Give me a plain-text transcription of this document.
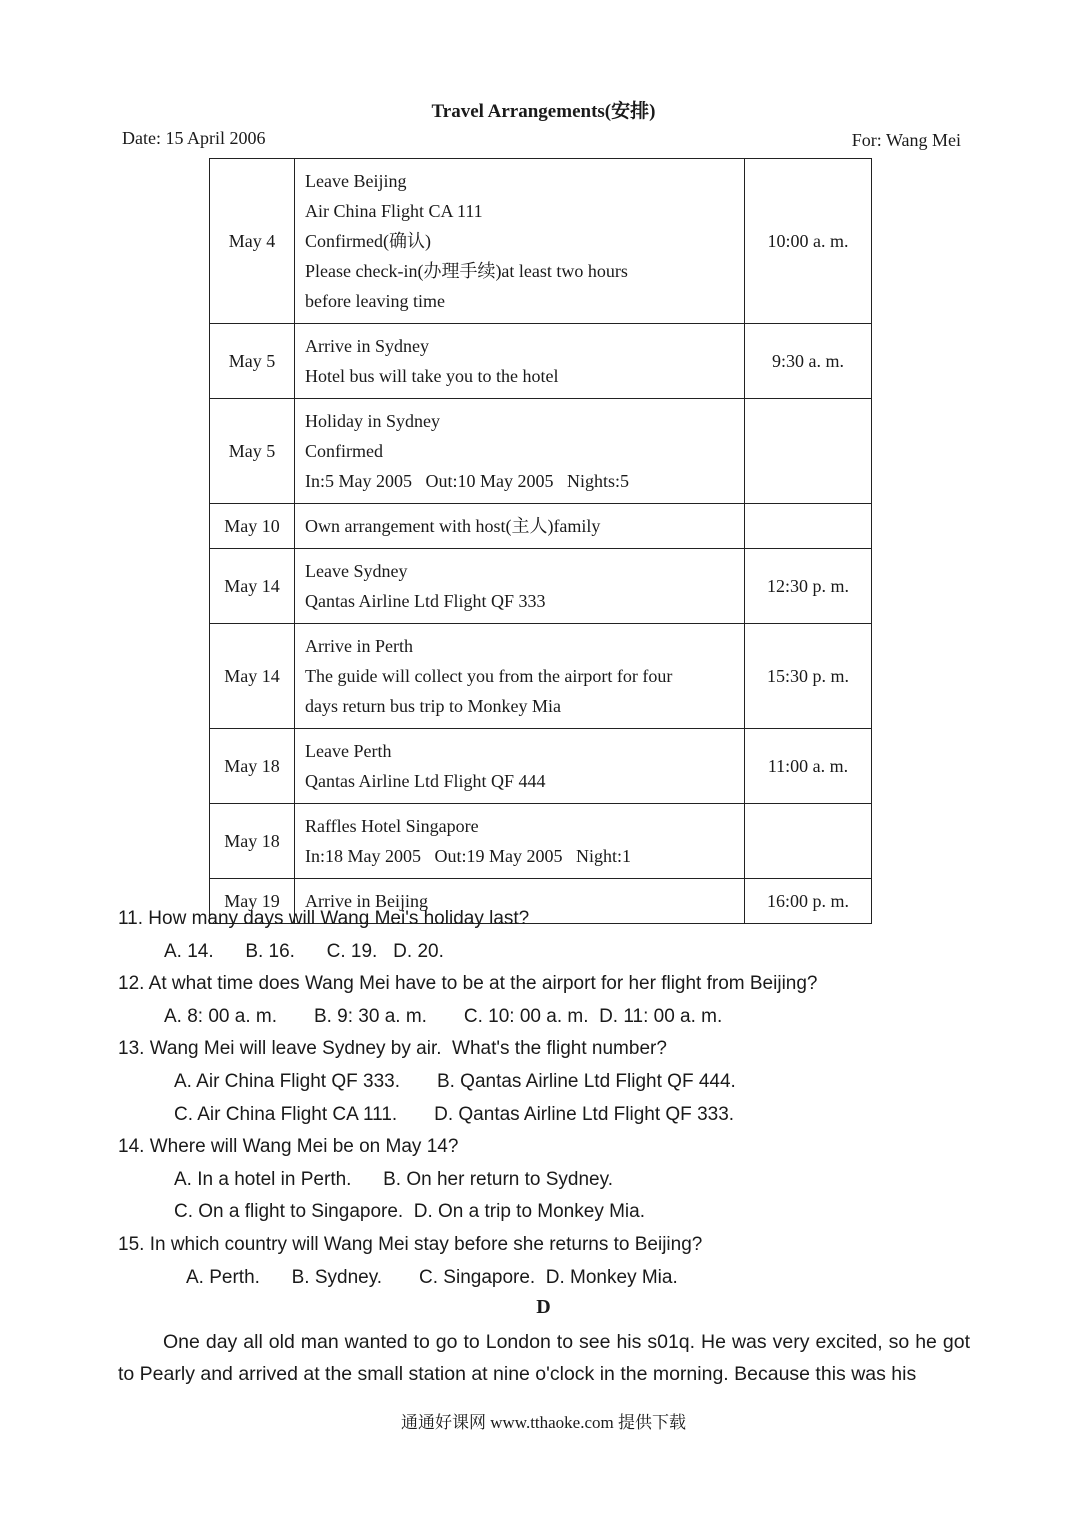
Travel Arrangements(安排)
Date: 15 April 2006	For: Wang Mei
May 4	Leave Beijing
Air China Flight CA 111
Confirmed(确认)
Please check-in(办理手续)at least two hours
before leaving time	10:00 a. m.
May 5	Arrive in Sydney
Hotel bus will take you to the hotel	9:30 a. m.
May 5	Holiday in Sydney
Confirmed
In:5 May 2005   Out:10 May 2005   Nights:5	

May 10	Own arrangement with host(主人)family	

May 14	Leave Sydney
Qantas Airline Ltd Flight QF 333	12:30 p. m.
May 14	Arrive in Perth
The guide will collect you from the airport for four
days return bus trip to Monkey Mia	15:30 p. m.
May 18	Leave Perth
Qantas Airline Ltd Flight QF 444	11:00 a. m.
May 18	Raffles Hotel Singapore
In:18 May 2005   Out:19 May 2005   Night:1	

May 19	Arrive in Beijing	16:00 p. m.
11. How many days will Wang Mei's holiday last?
A. 14.      B. 16.      C. 19.   D. 20.
12. At what time does Wang Mei have to be at the airport for her flight from Beijing?
A. 8: 00 a. m.       B. 9: 30 a. m.       C. 10: 00 a. m.  D. 11: 00 a. m.
13. Wang Mei will leave Sydney by air.  What's the flight number?
A. Air China Flight QF 333.       B. Qantas Airline Ltd Flight QF 444.
C. Air China Flight CA 111.       D. Qantas Airline Ltd Flight QF 333.
14. Where will Wang Mei be on May 14?
A. In a hotel in Perth.      B. On her return to Sydney.
C. On a flight to Singapore.  D. On a trip to Monkey Mia.
15. In which country will Wang Mei stay before she returns to Beijing?
A. Perth.      B. Sydney.       C. Singapore.  D. Monkey Mia.
D
One day all old man wanted to go to London to see his s01q. He was very excited, so he got to Pearly and arrived at the small station at nine o'clock in the morning. Because this was his
通通好课网 www.tthaoke.com 提供下载
